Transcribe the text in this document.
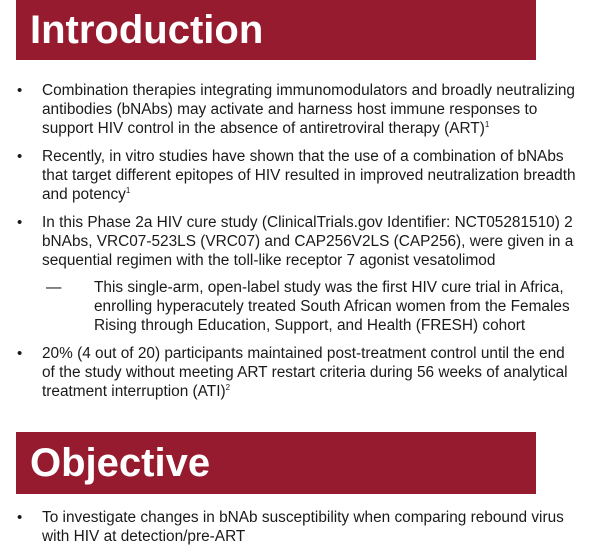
Introduction
• Combination therapies integrating immunomodulators and broadly neutralizing antibodies (bNAbs) may activate and harness host immune responses to support HIV control in the absence of antiretroviral therapy (ART)$^1$
• Recently, in vitro studies have shown that the use of a combination of bNAbs that target different epitopes of HIV resulted in improved neutralization breadth and potency$^1$
• In this Phase 2a HIV cure study (ClinicalTrials.gov Identifier: NCT05281510) 2 bNAbs, VRC07-523LS (VRC07) and CAP256V2LS (CAP256), were given in a sequential regimen with the toll-like receptor 7 agonist vesatolimod
— This single-arm, open-label study was the first HIV cure trial in Africa, enrolling hyperacutely treated South African women from the Females Rising through Education, Support, and Health (FRESH) cohort
• 20% (4 out of 20) participants maintained post-treatment control until the end of the study without meeting ART restart criteria during 56 weeks of analytical treatment interruption (ATI)$^2$
Objective
• To investigate changes in bNAb susceptibility when comparing rebound virus with HIV at detection/pre-ART
